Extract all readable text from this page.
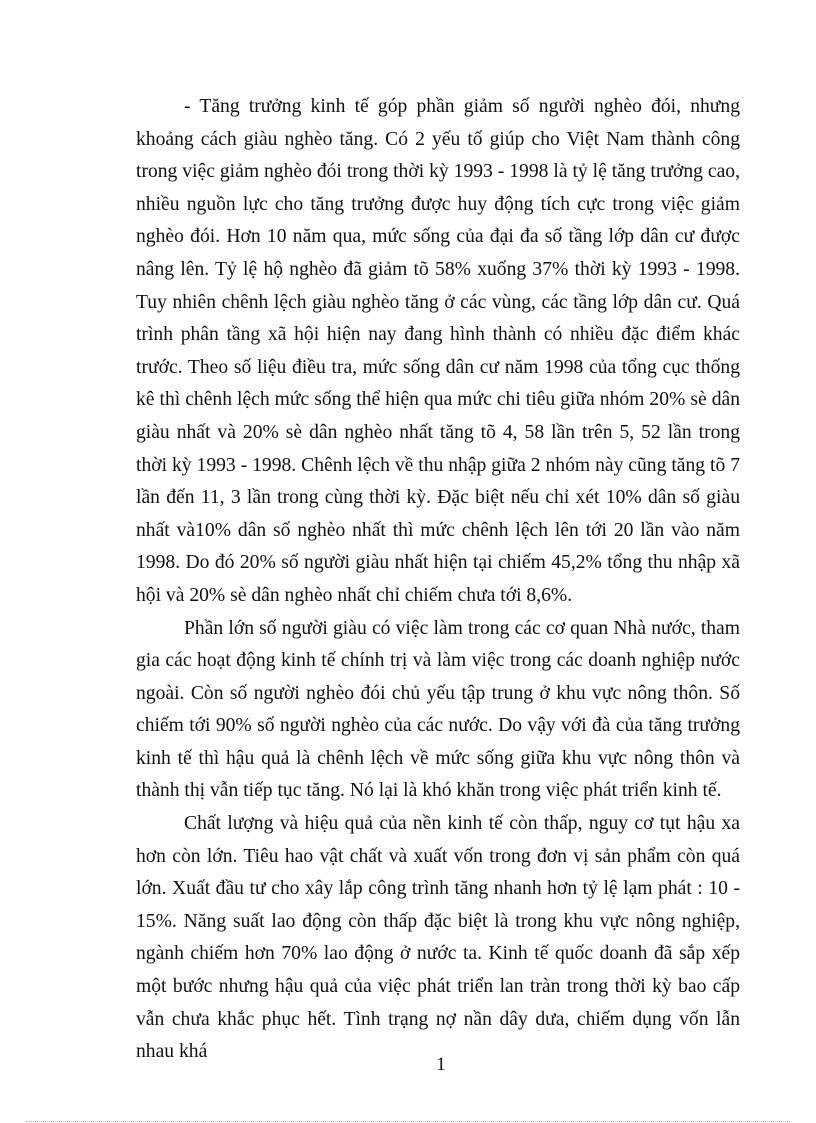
- Tăng trưởng kinh tế góp phần giảm số người nghèo đói, nhưng khoảng cách giàu nghèo tăng. Có 2 yếu tố giúp cho Việt Nam thành công trong việc giảm nghèo đói trong thời kỳ 1993 - 1998 là tỷ lệ tăng trưởng cao, nhiều nguồn lực cho tăng trưởng được huy động tích cực trong việc giảm nghèo đói. Hơn 10 năm qua, mức sống của đại đa số tầng lớp dân cư được nâng lên. Tỷ lệ hộ nghèo đã giảm tõ 58% xuống 37% thời kỳ 1993 - 1998. Tuy nhiên chênh lệch giàu nghèo tăng ở các vùng, các tầng lớp dân cư. Quá trình phân tầng xã hội hiện nay đang hình thành có nhiều đặc điểm khác trước. Theo số liệu điều tra, mức sống dân cư năm 1998 của tổng cục thống kê thì chênh lệch mức sống thể hiện qua mức chi tiêu giữa nhóm 20% sè dân giàu nhất và 20% sè dân nghèo nhất tăng tõ 4, 58 lần trên 5, 52 lần trong thời kỳ 1993 - 1998. Chênh lệch về thu nhập giữa 2 nhóm này cũng tăng tõ 7 lần đến 11, 3 lần trong cùng thời kỳ. Đặc biệt nếu chỉ xét 10% dân số giàu nhất và10% dân số nghèo nhất thì mức chênh lệch lên tới 20 lần vào năm 1998. Do đó 20% số người giàu nhất hiện tại chiếm 45,2% tổng thu nhập xã hội và 20% sè dân nghèo nhất chỉ chiếm chưa tới 8,6%.

Phần lớn số người giàu có việc làm trong các cơ quan Nhà nước, tham gia các hoạt động kinh tế chính trị và làm việc trong các doanh nghiệp nước ngoài. Còn số người nghèo đói chủ yếu tập trung ở khu vực nông thôn. Số chiếm tới 90% số người nghèo của các nước. Do vậy với đà của tăng trưởng kinh tế thì hậu quả là chênh lệch về mức sống giữa khu vực nông thôn và thành thị vẫn tiếp tục tăng. Nó lại là khó khăn trong việc phát triển kinh tế.

Chất lượng và hiệu quả của nền kinh tế còn thấp, nguy cơ tụt hậu xa hơn còn lớn. Tiêu hao vật chất và xuất vốn trong đơn vị sản phẩm còn quá lớn. Xuất đầu tư cho xây lắp công trình tăng nhanh hơn tỷ lệ lạm phát : 10 - 15%. Năng suất lao động còn thấp đặc biệt là trong khu vực nông nghiệp, ngành chiếm hơn 70% lao động ở nước ta. Kinh tế quốc doanh đã sắp xếp một bước nhưng hậu quả của việc phát triển lan tràn trong thời kỳ bao cấp vẫn chưa khắc phục hết. Tình trạng nợ nần dây dưa, chiếm dụng vốn lẫn nhau khá

1
